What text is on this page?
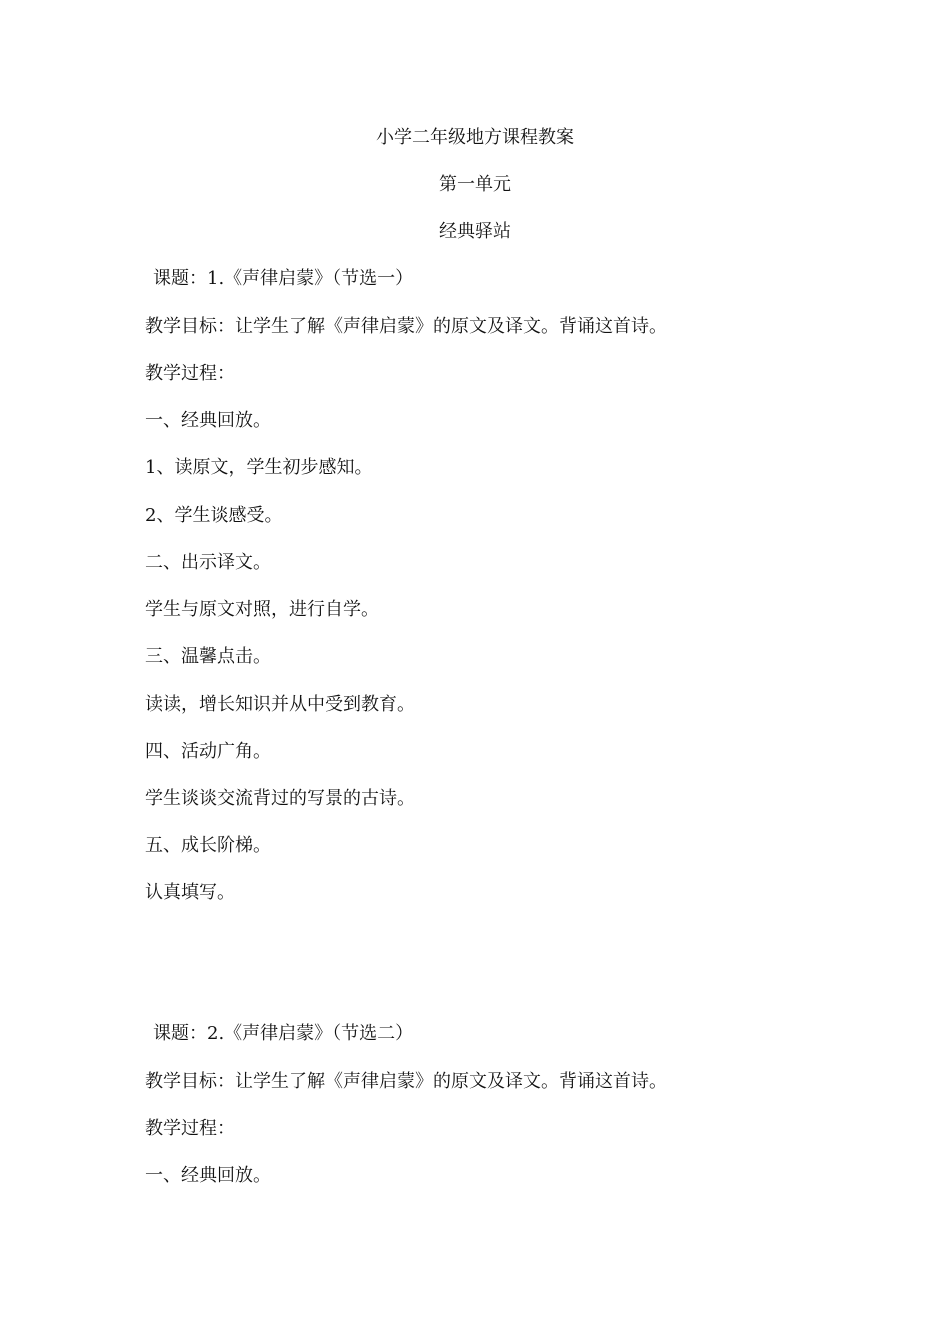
小学二年级地方课程教案
第一单元
经典驿站
课题：1.《声律启蒙》（节选一）
教学目标：让学生了解《声律启蒙》的原文及译文。背诵这首诗。
教学过程：
一、经典回放。
1、读原文，学生初步感知。
2、学生谈感受。
二、出示译文。
学生与原文对照，进行自学。
三、温馨点击。
读读，增长知识并从中受到教育。
四、活动广角。
学生谈谈交流背过的写景的古诗。
五、成长阶梯。
认真填写。
课题：2.《声律启蒙》（节选二）
教学目标：让学生了解《声律启蒙》的原文及译文。背诵这首诗。
教学过程：
一、经典回放。
